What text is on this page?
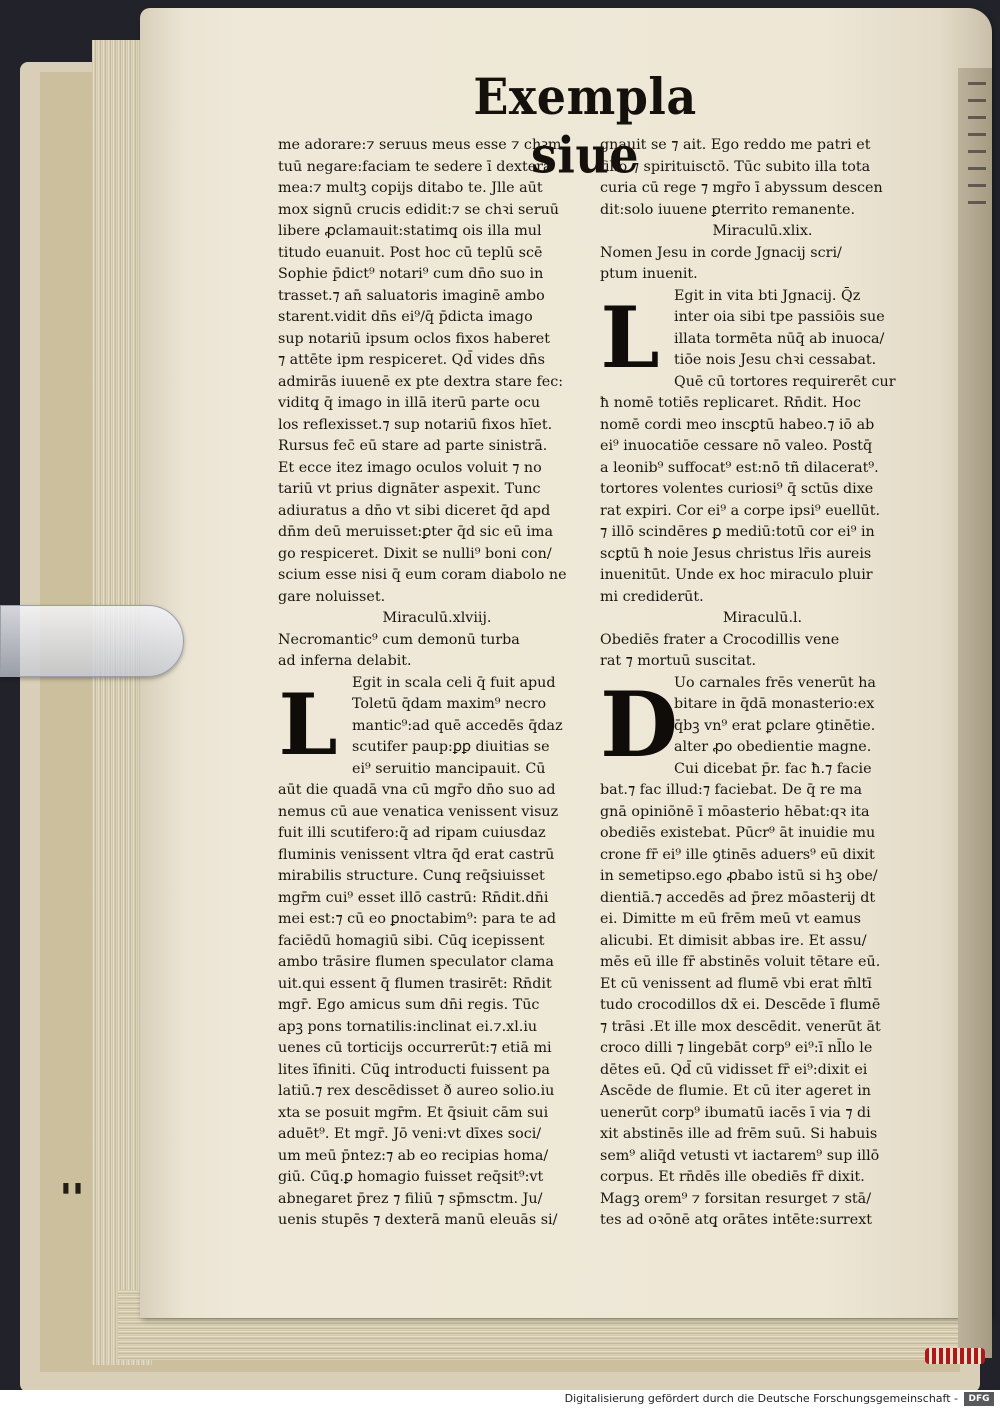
Exempla siue
me adorare:⁊ seruus meus esse ⁊ chꝛm
tuū negare:faciam te sedere ī dextera
mea:⁊ multꝫ copijs ditabo te. Jlle aūt
mox signū crucis edidit:⁊ se chꝛi seruū
libere ꝓclamauit:statimq̧ ois illa mul
titudo euanuit. Post hoc cū teplū scē
Sophie p̄dict⁹ notari⁹ cum dn̄o suo in
trasset.⁊ an̄ saluatoris imaginē ambo
starent.vidit dn̄s ei⁹/q̄ p̄dicta imago
sup notariū ipsum oclos fixos haberet
⁊ attēte ipm respiceret. Qd̄ vides dn̄s
admirās iuuenē ex pte dextra stare fec:
viditq̧ q̄ imago in illā iterū parte ocu
los reflexisset.⁊ sup notariū fixos hīet.
Rursus fec̄ eū stare ad parte sinistrā.
Et ecce itez imago oculos voluit ⁊ no
tariū vt prius dignāter aspexit. Tunc
adiuratus a dn̄o vt sibi diceret q̄d apd
dn̄m deū meruisset:ꝑter q̄d sic eū ima
go respiceret. Dixit se nulli⁹ boni con/
scium esse nisi q̄ eum coram diabolo ne
gare noluisset.
Miraculū.xlviij.
Necromantic⁹ cum demonū turba
ad inferna delabit.
L	Egit in scala celi q̄ fuit apud
Toletū q̄dam maxim⁹ necro
mantic⁹:ad quē accedēs q̄daz
scutifer paup:ꝑꝑ diuitias se
ei⁹ seruitio mancipauit. Cū
aūt die quadā vna cū mgr̄o dn̄o suo ad
nemus cū aue venatica venissent visuz
fuit illi scutifero:q̄ ad ripam cuiusdaz
fluminis venissent vltra q̄d erat castrū
mirabilis structure. Cunq̧ req̄siuisset
mgr̄m cui⁹ esset illō castrū: Rn̄dit.dn̄i
mei est:⁊ cū eo ꝑnoctabim⁹: para te ad
faciēdū homagiū sibi. Cūq̧ icepissent
ambo trāsire flumen speculator clama
uit.qui essent q̄ flumen trasirēt: Rn̄dit
mgr̄. Ego amicus sum dn̄i regis. Tūc
apꝫ pons tornatilis:inclinat ei.⁊.xl.iu
uenes cū torticijs occurrerūt:⁊ etiā mi
lites īfiniti. Cūq̧ introducti fuissent pa
latiū.⁊ rex descēdisset ð aureo solio.iu
xta se posuit mgr̄m. Et q̄siuit cām sui
aduēt⁹. Et mgr̄. Jō veni:vt dīxes soci/
um meū p̄ntez:⁊ ab eo recipias homa/
giū. Cūq̧.ꝑ homagio fuisset req̄sit⁹:vt
abnegaret p̄rez ⁊ filiū ⁊ sp̄msctm. Ju/
uenis stupēs ⁊ dexterā manū eleuās si/
gnauit se ⁊ ait. Ego reddo me patri et
filio ⁊ spirituisctō. Tūc subito illa tota
curia cū rege ⁊ mgr̄o ī abyssum descen
dit:solo iuuene ꝑterrito remanente.
Miraculū.xlix.
Nomen Jesu in corde Jgnacij scri/
ptum inuenit.
L	Egit in vita bti Jgnacij. Q̄z
inter oia sibi tpe passiōis sue
illata tormēta nūq̄ ab inuoca/
tiōe nois Jesu chꝛi cessabat.
Quē cū tortores requirerēt cur
ħ nomē totiēs replicaret. Rn̄dit. Hoc
nomē cordi meo inscꝑtū habeo.⁊ iō ab
ei⁹ inuocatiōe cessare nō valeo. Postq̄
a leonib⁹ suffocat⁹ est:nō tñ dilacerat⁹.
tortores volentes curiosi⁹ q̄ sctūs dixe
rat expiri. Cor ei⁹ a corpe ipsi⁹ euellūt.
⁊ illō scindēres ꝑ mediū:totū cor ei⁹ in
scꝑtū ħ noie Jesus christus lr̄is aureis
inuenitūt. Unde ex hoc miraculo pluir
mi crediderūt.
Miraculū.l.
Obediēs frater a Crocodillis vene
rat ⁊ mortuū suscitat.
D
Uo carnales frēs venerūt ha
bitare in q̄dā monasterio:ex
q̄bꝫ vn⁹ erat ꝑclare ꝯtinētie.
alter ꝓo obedientie magne.
Cui dicebat p̄r. fac ħ.⁊ facie
bat.⁊ fac illud:⁊ faciebat. De q̄ re ma
gnā opiniōnē ī mōasterio hēbat:qꝛ ita
obediēs existebat. Pūcr⁹ āt inuidie mu
crone fr̄ ei⁹ ille ꝯtinēs aduers⁹ eū dixit
in semetipso.ego ꝓbabo istū si hꝫ obe/
dientiā.⁊ accedēs ad p̄rez mōasterij dt
ei. Dimitte m eū frēm meū vt eamus
alicubi. Et dimisit abbas ire. Et assu/
mēs eū ille fr̄ abstinēs voluit tētare eū.
Et cū venissent ad flumē vbi erat m̄ltī
tudo crocodillos dx̄ ei. Descēde ī flumē
⁊ trāsi .Et ille mox descēdit. venerūt āt
croco dilli ⁊ lingebāt corp⁹ ei⁹:ī nl̄lo le
dētes eū. Qd̄ cū vidisset fr̄ ei⁹:dixit ei
Ascēde de flumie. Et cū iter ageret in
uenerūt corp⁹ ibumatū iacēs ī via ⁊ di
xit abstinēs ille ad frēm suū. Si habuis
sem⁹ aliq̄d vetusti vt iactarem⁹ sup illō
corpus. Et rn̄dēs ille obediēs fr̄ dixit.
Magꝫ orem⁹ ⁊ forsitan resurget ⁊ stā/
tes ad oꝛōnē atq̧ orātes intēte:surrext
▮ ▮
Digitalisierung gefördert durch die Deutsche Forschungsgemeinschaft -	DFG
